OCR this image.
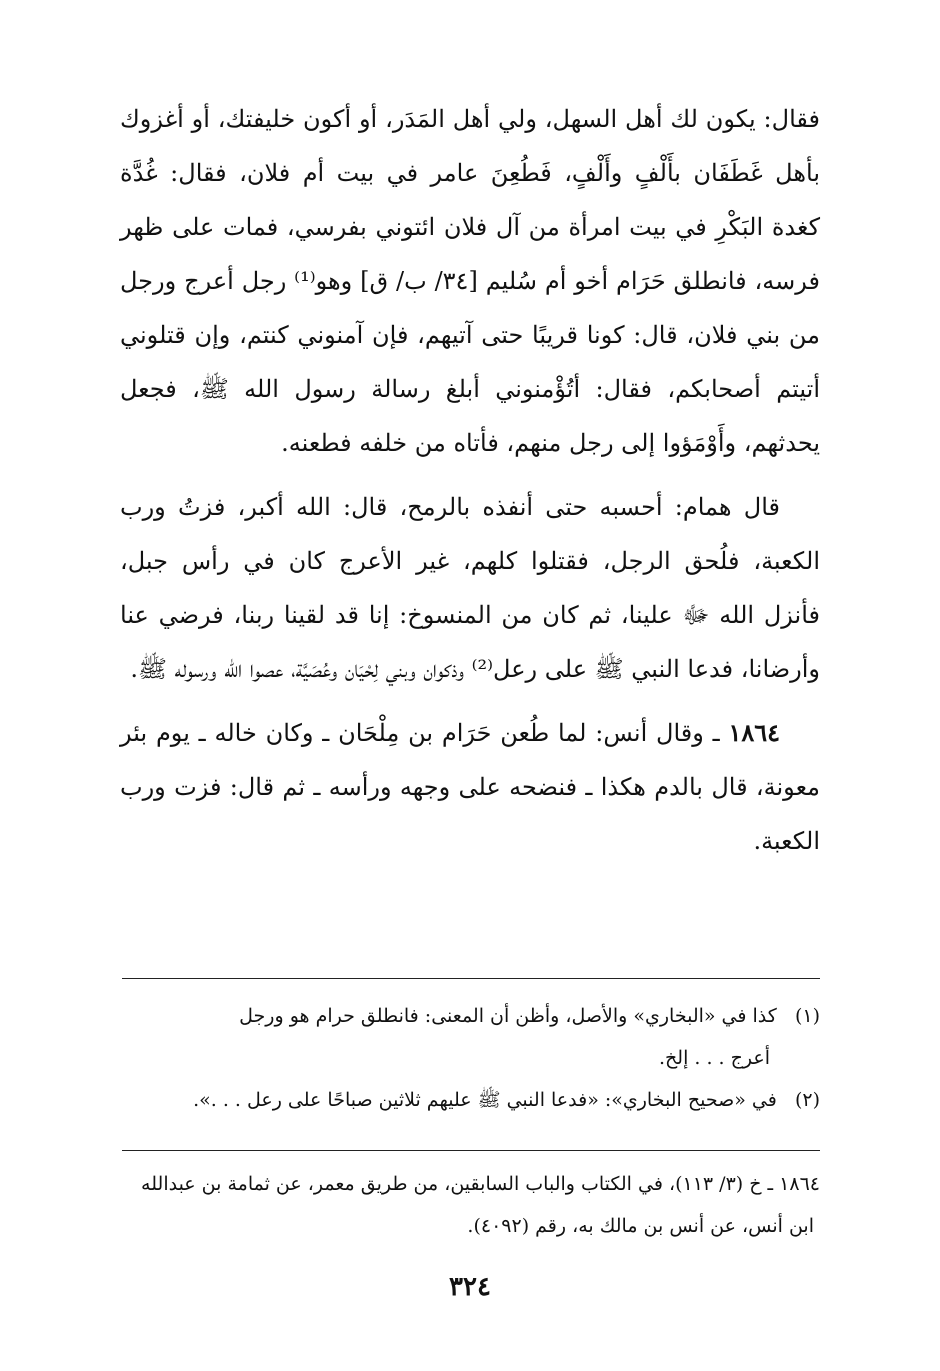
فقال: يكون لك أهل السهل، ولي أهل المَدَر، أو أكون خليفتك، أو أغزوك بأهل غَطَفَان بأَلْفٍ وأَلْفٍ، فَطُعِنَ عامر في بيت أم فلان، فقال: غُدَّة كغدة البَكْرِ في بيت امرأة من آل فلان ائتوني بفرسي، فمات على ظهر فرسه، فانطلق حَرَام أخو أم سُليم [٣٤/ ب/ ق] وهو⁽¹⁾ رجل أعرج ورجل من بني فلان، قال: كونا قريبًا حتى آتيهم، فإن آمنوني كنتم، وإن قتلوني أتيتم أصحابكم، فقال: أتُؤْمنوني أبلغ رسالة رسول الله ﷺ، فجعل يحدثهم، وأَوْمَؤوا إلى رجل منهم، فأتاه من خلفه فطعنه.

قال همام: أحسبه حتى أنفذه بالرمح، قال: الله أكبر، فزتُ ورب الكعبة، فلُحق الرجل، فقتلوا كلهم، غير الأعرج كان في رأس جبل، فأنزل الله ﷻ علينا، ثم كان من المنسوخ: إنا قد لقينا ربنا، فرضي عنا وأرضانا، فدعا النبي ﷺ على رعل⁽²⁾ وذكوان وبني لِحْيَان وعُصَيَّة، عصوا الله ورسوله ﷺ.

١٨٦٤ ـ وقال أنس: لما طُعن حَرَام بن مِلْحَان ـ وكان خاله ـ يوم بئر معونة، قال بالدم هكذا ـ فنضحه على وجهه ورأسه ـ ثم قال: فزت ورب الكعبة.

(١)   كذا في «البخاري» والأصل، وأظن أن المعنى: فانطلق حرام هو ورجل

أعرج . . . إلخ.

(٢)   في «صحيح البخاري»: «فدعا النبي ﷺ عليهم ثلاثين صباحًا على رعل . . .».

١٨٦٤ ـ خ (٣/ ١١٣)، في الكتاب والباب السابقين، من طريق معمر، عن ثمامة بن عبدالله

ابن أنس، عن أنس بن مالك به، رقم (٤٠٩٢).

٣٢٤
